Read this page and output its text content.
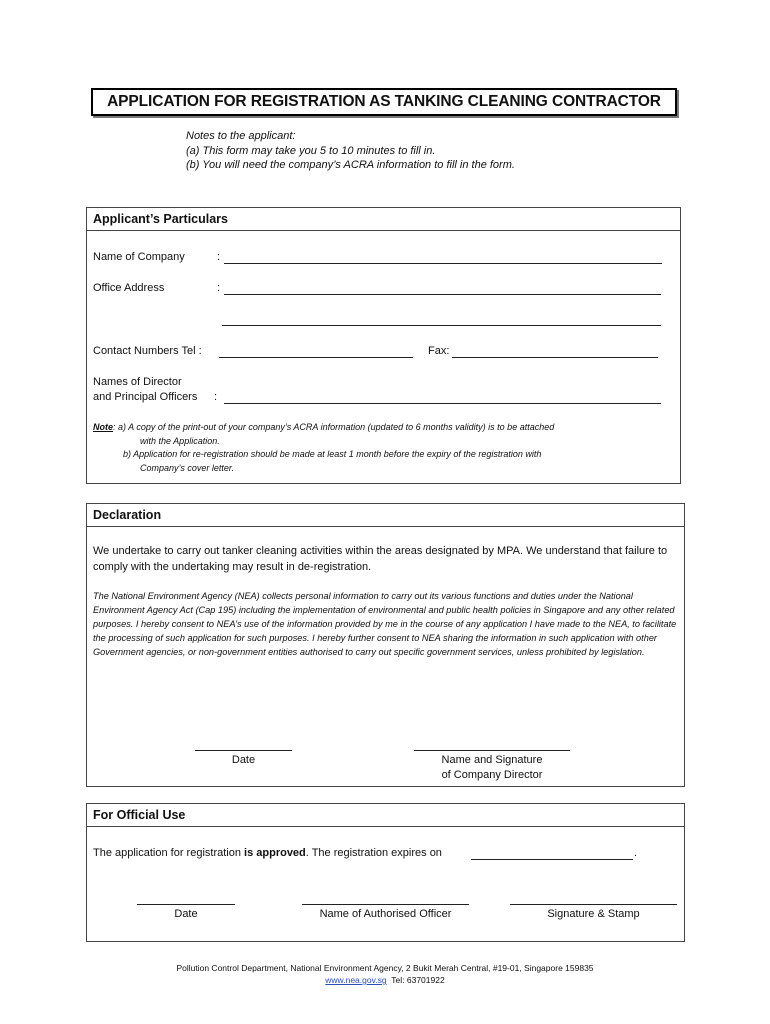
APPLICATION FOR REGISTRATION AS TANKING CLEANING CONTRACTOR
Notes to the applicant:
(a) This form may take you 5 to 10 minutes to fill in.
(b) You will need the company’s ACRA information to fill in the form.
Applicant’s Particulars
Name of Company	:
Office Address	:
Contact Numbers Tel :	Fax:
Names of Director
and Principal Officers :
Note: a) A copy of the print-out of your company’s ACRA information (updated to 6 months validity) is to be attached
with the Application.
b) Application for re-registration should be made at least 1 month before the expiry of the registration with
Company’s cover letter.
Declaration
We undertake to carry out tanker cleaning activities within the areas designated by MPA. We understand that failure to comply with the undertaking may result in de-registration.
The National Environment Agency (NEA) collects personal information to carry out its various functions and duties under the National Environment Agency Act (Cap 195) including the implementation of environmental and public health policies in Singapore and any other related purposes. I hereby consent to NEA’s use of the information provided by me in the course of any application I have made to the NEA, to facilitate the processing of such application for such purposes. I hereby further consent to NEA sharing the information in such application with other Government agencies, or non-government entities authorised to carry out specific government services, unless prohibited by legislation.
Date	Name and Signature
of Company Director
For Official Use
The application for registration is approved. The registration expires on	.
Date	Name of Authorised Officer	Signature & Stamp
Pollution Control Department, National Environment Agency, 2 Bukit Merah Central, #19-01, Singapore 159835
www.nea.gov.sg Tel: 63701922
